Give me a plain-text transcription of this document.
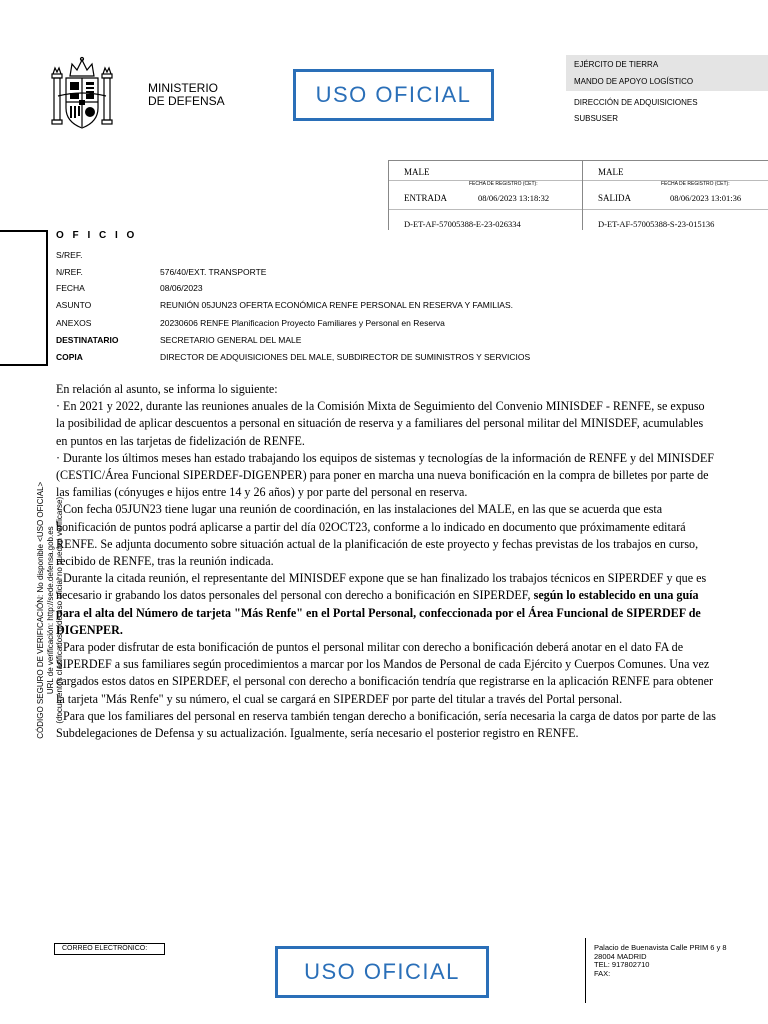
MINISTERIO
DE DEFENSA	USO OFICIAL
EJÉRCITO DE TIERRA
MANDO DE APOYO LOGÍSTICO
DIRECCIÓN DE ADQUISICIONES
SUBSUSER
MALE
FECHA DE REGISTRO (CET):
ENTRADA	08/06/2023 13:18:32
D-ET-AF-57005388-E-23-026334
MALE
FECHA DE REGISTRO (CET):
SALIDA	08/06/2023 13:01:36
D-ET-AF-57005388-S-23-015136
O F I C I O
S/REF.
N/REF.	576/40/EXT. TRANSPORTE
FECHA	08/06/2023
ASUNTO	REUNIÓN 05JUN23 OFERTA ECONÓMICA RENFE PERSONAL EN RESERVA Y FAMILIAS.
ANEXOS	20230606 RENFE Planificacion Proyecto Familiares y Personal en Reserva
DESTINATARIO	SECRETARIO GENERAL DEL MALE
COPIA	DIRECTOR DE ADQUISICIONES DEL MALE, SUBDIRECTOR DE SUMINISTROS Y SERVICIOS

En relación al asunto, se informa lo siguiente:

· En 2021 y 2022, durante las reuniones anuales de la Comisión Mixta de Seguimiento del Convenio MINISDEF - RENFE, se expuso la posibilidad de aplicar descuentos a personal en situación de reserva y a familiares del personal militar del MINISDEF, acumulables en puntos en las tarjetas de fidelización de RENFE.

· Durante los últimos meses han estado trabajando los equipos de sistemas y tecnologías de la información de RENFE y del MINISDEF (CESTIC/Área Funcional SIPERDEF-DIGENPER) para poner en marcha una nueva bonificación en la compra de billetes por parte de las familias (cónyuges e hijos entre 14 y 26 años) y por parte del personal en reserva.

· Con fecha 05JUN23 tiene lugar una reunión de coordinación, en las instalaciones del MALE, en las que se acuerda que esta bonificación de puntos podrá aplicarse a partir del día 02OCT23, conforme a lo indicado en documento que próximamente editará RENFE. Se adjunta documento sobre situación actual de la planificación de este proyecto y fechas previstas de los trabajos en curso, recibido de RENFE, tras la reunión indicada.

· Durante la citada reunión, el representante del MINISDEF expone que se han finalizado los trabajos técnicos en SIPERDEF y que es necesario ir grabando los datos personales del personal con derecho a bonificación en SIPERDEF, según lo establecido en una guía para el alta del Número de tarjeta "Más Renfe" en el Portal Personal, confeccionada por el Área Funcional de SIPERDEF de DIGENPER.

· Para poder disfrutar de esta bonificación de puntos el personal militar con derecho a bonificación deberá anotar en el dato FA de SIPERDEF a sus familiares según procedimientos a marcar por los Mandos de Personal de cada Ejército y Cuerpos Comunes. Una vez cargados estos datos en SIPERDEF, el personal con derecho a bonificación tendría que registrarse en la aplicación RENFE para obtener la tarjeta "Más Renfe" y su número, el cual se cargará en SIPERDEF por parte del titular a través del Portal personal.

· Para que los familiares del personal en reserva también tengan derecho a bonificación, sería necesaria la carga de datos por parte de las Subdelegaciones de Defensa y su actualización. Igualmente, sería necesario el posterior registro en RENFE.

CÓDIGO SEGURO DE VERIFICACIÓN: No disponible <USO OFICIAL> URL de verificación: http://sede.defensa.gob.es (documentos clasificados o de uso oficial no pueden verificarse)
CORREO ELECTRÓNICO:
USO OFICIAL
Palacio de Buenavista Calle PRIM 6 y 8
28004 MADRID
TEL: 917802710
FAX:
